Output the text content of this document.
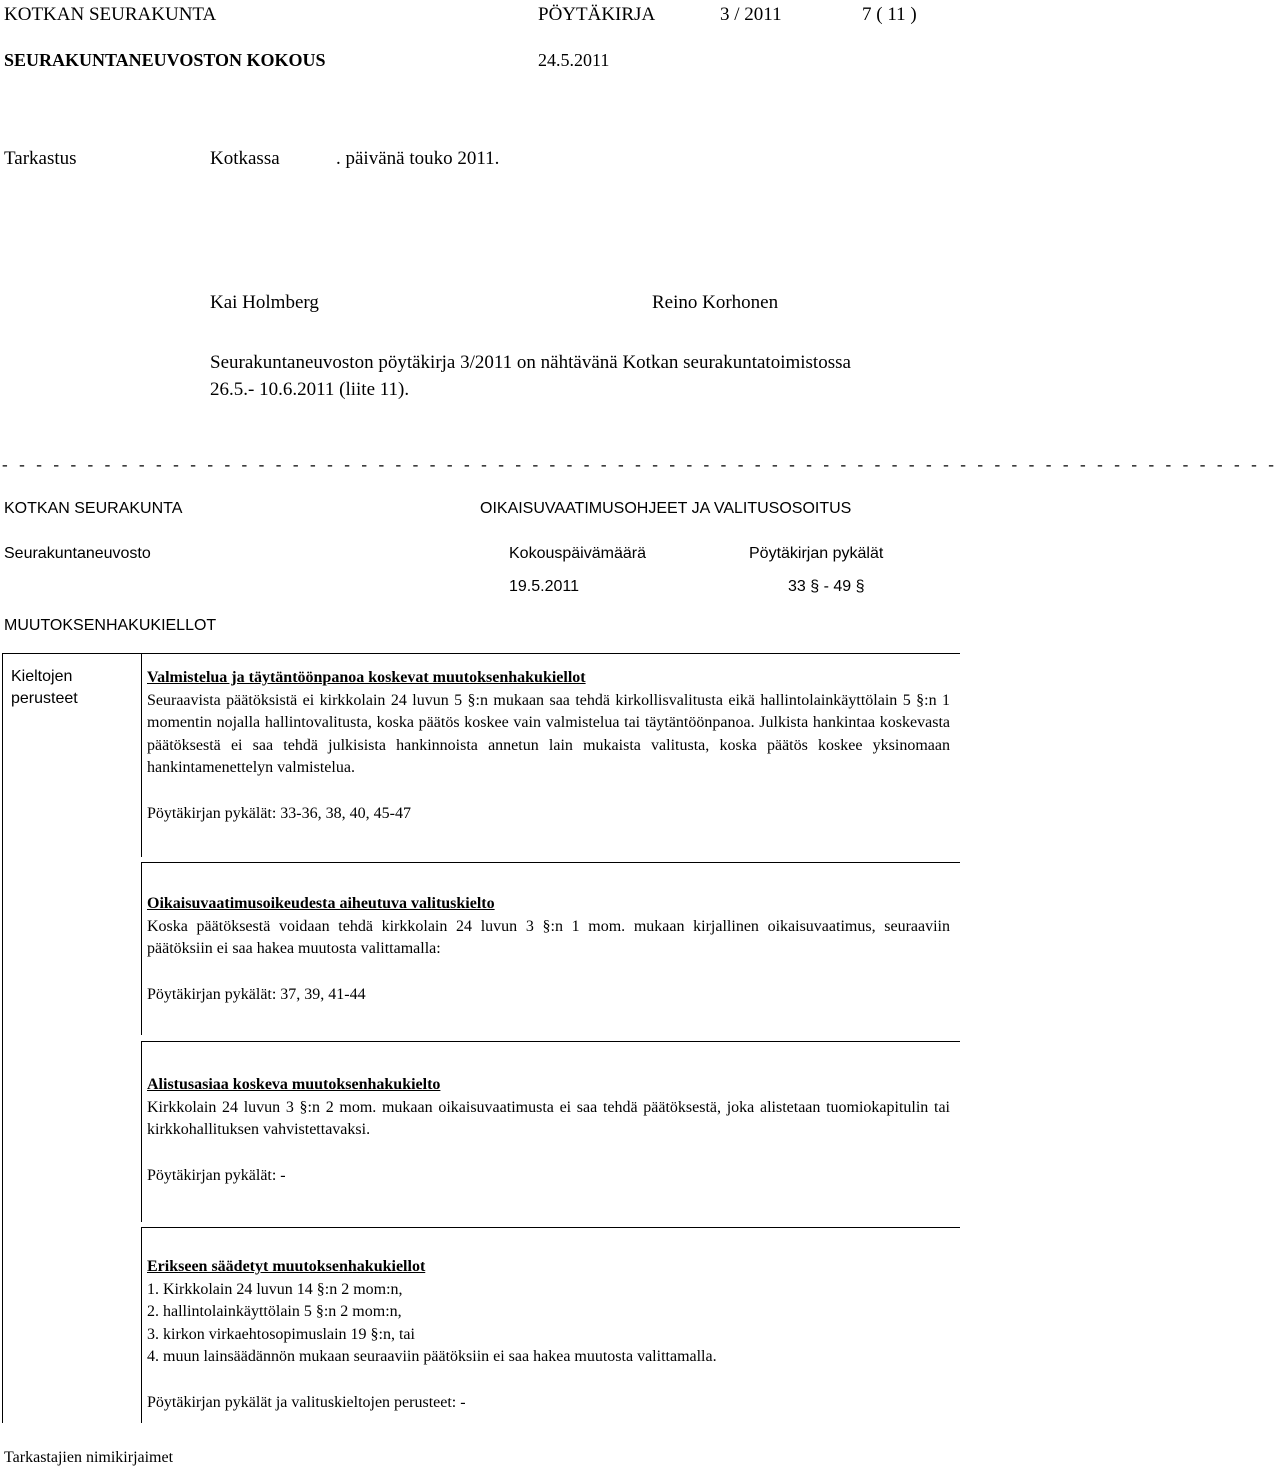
KOTKAN SEURAKUNTA	PÖYTÄKIRJA	3 / 2011	7 ( 11 )
SEURAKUNTANEUVOSTON KOKOUS	24.5.2011
Tarkastus	Kotkassa	. päivänä touko 2011.
Kai Holmberg	Reino Korhonen
Seurakuntaneuvoston pöytäkirja 3/2011 on nähtävänä Kotkan seurakuntatoimistossa
26.5.- 10.6.2011 (liite 11).
- - - - - - - - - - - - - - - - - - - - - - - - - - - - - - - - - - - - - - - - - - - - - - - - - - - - - - - - - - - - - - - - - - - - - - - - - - -
KOTKAN SEURAKUNTA	OIKAISUVAATIMUSOHJEET JA VALITUSOSOITUS
Seurakuntaneuvosto	Kokouspäivämäärä	Pöytäkirjan pykälät
19.5.2011	33 § - 49 §
MUUTOKSENHAKUKIELLOT
Kieltojen
perusteet

Valmistelua ja täytäntöönpanoa koskevat muutoksenhakukiellot

Seuraavista päätöksistä ei kirkkolain 24 luvun 5 §:n mukaan saa tehdä kirkollisvalitusta eikä hallintolainkäyttölain 5 §:n 1 momentin nojalla hallintovalitusta, koska päätös koskee vain valmistelua tai täytäntöönpanoa. Julkista hankintaa koskevasta päätöksestä ei saa tehdä julkisista hankinnoista annetun lain mukaista valitusta, koska päätös koskee yksinomaan hankintamenettelyn valmistelua.

Pöytäkirjan pykälät: 33-36, 38, 40, 45-47

Oikaisuvaatimusoikeudesta aiheutuva valituskielto

Koska päätöksestä voidaan tehdä kirkkolain 24 luvun 3 §:n 1 mom. mukaan kirjallinen oikaisuvaatimus, seuraaviin päätöksiin ei saa hakea muutosta valittamalla:

Pöytäkirjan pykälät: 37, 39, 41-44

Alistusasiaa koskeva muutoksenhakukielto

Kirkkolain 24 luvun 3 §:n 2 mom. mukaan oikaisuvaatimusta ei saa tehdä päätöksestä, joka alistetaan tuomiokapitulin tai kirkkohallituksen vahvistettavaksi.

Pöytäkirjan pykälät: -

Erikseen säädetyt muutoksenhakukiellot

1. Kirkkolain 24 luvun 14 §:n 2 mom:n,

2. hallintolainkäyttölain 5 §:n 2 mom:n,

3. kirkon virkaehtosopimuslain 19 §:n, tai

4. muun lainsäädännön mukaan seuraaviin päätöksiin ei saa hakea muutosta valittamalla.

Pöytäkirjan pykälät ja valituskieltojen perusteet: -

Tarkastajien nimikirjaimet
